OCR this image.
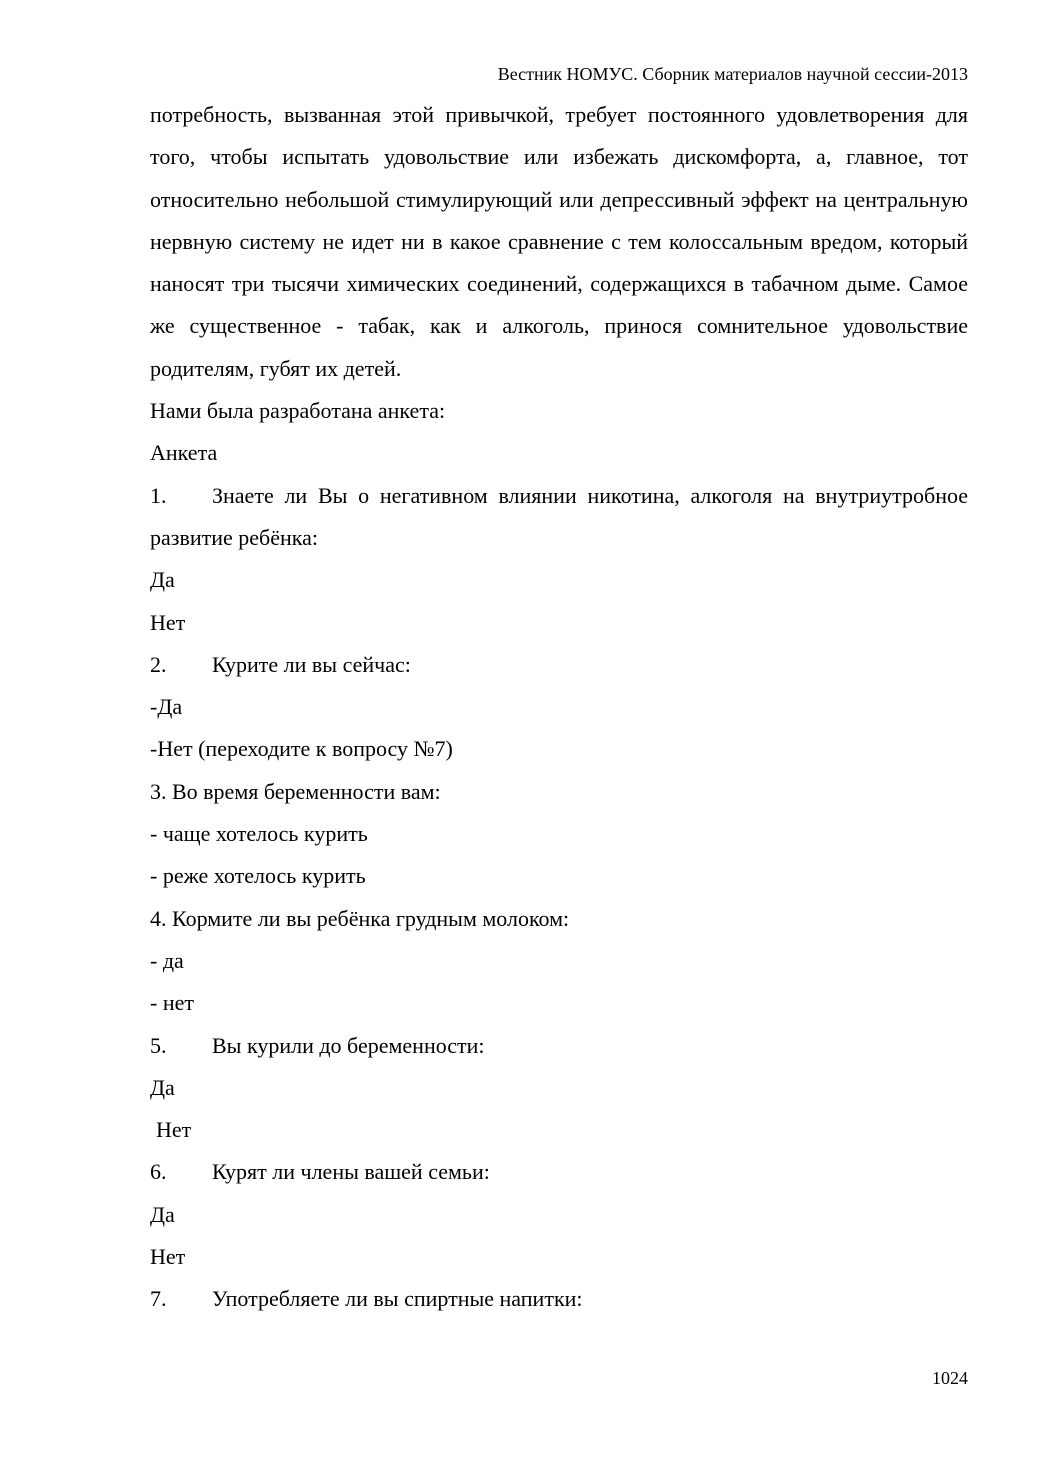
Вестник НОМУС. Сборник материалов научной сессии-2013

потребность, вызванная этой привычкой, требует постоянного удовлетворения для того, чтобы испытать удовольствие или избежать дискомфорта, а, главное, тот относительно небольшой стимулирующий или депрессивный эффект на центральную нервную систему не идет ни в какое сравнение с тем колоссальным вредом, который наносят три тысячи химических соединений, содержащихся в табачном дыме. Самое же существенное - табак, как и алкоголь, принося сомнительное удовольствие родителям, губят их детей.

Нами была разработана анкета:

Анкета

1. Знаете ли Вы о негативном влиянии никотина, алкоголя на внутриутробное развитие ребёнка:

Да

Нет

2. Курите ли вы сейчас:

-Да

-Нет (переходите к вопросу №7)

3. Во время беременности вам:

- чаще хотелось курить

- реже хотелось курить

4. Кормите ли вы ребёнка грудным молоком:

- да

- нет

5. Вы курили до беременности:

Да

Нет

6. Курят ли члены вашей семьи:

Да

Нет

7. Употребляете ли вы спиртные напитки:

1024
